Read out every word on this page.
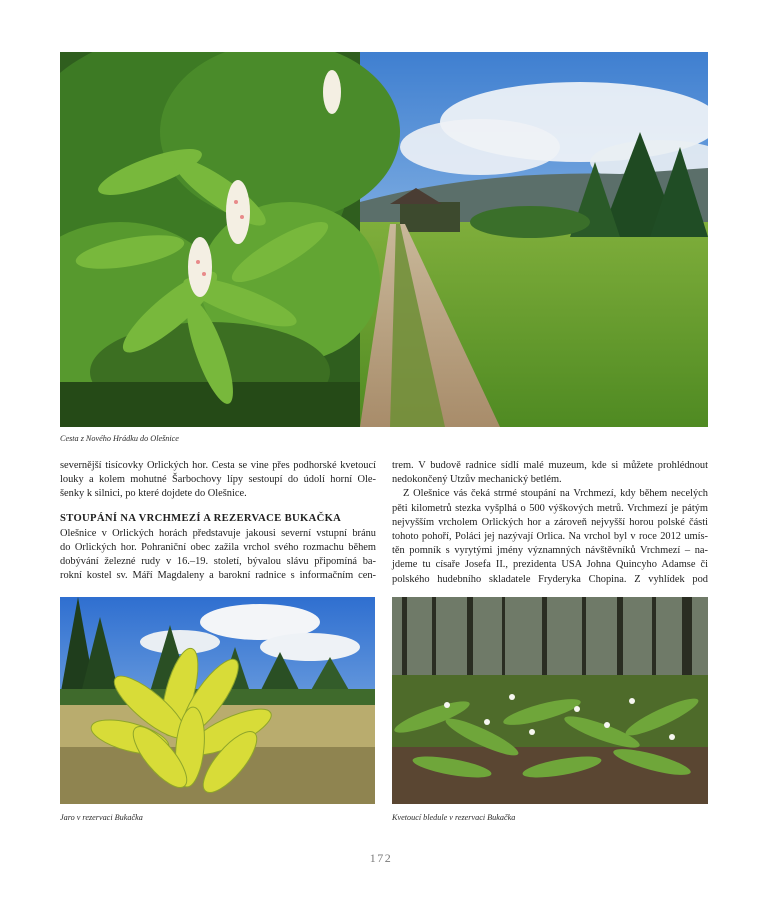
Cesta z Nového Hrádku do Olešnice

severnější tisícovky Orlických hor. Cesta se vine přes podhorské kvetoucí

louky a kolem mohutné Šarbochovy lípy sestoupí do údolí horní Ole-

šenky k silnici, po které dojdete do Olešnice.

STOUPÁNÍ NA VRCHMEZÍ A REZERVACE BUKAČKA

Olešnice v Orlických horách představuje jakousi severní vstupní bránu

do Orlických hor. Pohraniční obec zažila vrchol svého rozmachu během

dobývání železné rudy v 16.–19. století, bývalou slávu připomíná ba-

rokní kostel sv. Máří Magdaleny a barokní radnice s informačním cen-

trem. V budově radnice sídlí malé muzeum, kde si můžete prohlédnout

nedokončený Utzův mechanický betlém.

Z Olešnice vás čeká strmé stoupání na Vrchmezí, kdy během necelých

pěti kilometrů stezka vyšplhá o 500 výškových metrů. Vrchmezí je pátým

nejvyšším vrcholem Orlických hor a zároveň nejvyšší horou polské části

tohoto pohoří, Poláci jej nazývají Orlica. Na vrchol byl v roce 2012 umís-

těn pomník s vyrytými jmény významných návštěvníků Vrchmezí – na-

jdeme tu císaře Josefa II., prezidenta USA Johna Quincyho Adamse či

polského hudebního skladatele Fryderyka Chopina. Z vyhlídek pod

Jaro v rezervaci Bukačka	Kvetoucí bledule v rezervaci Bukačka
172
